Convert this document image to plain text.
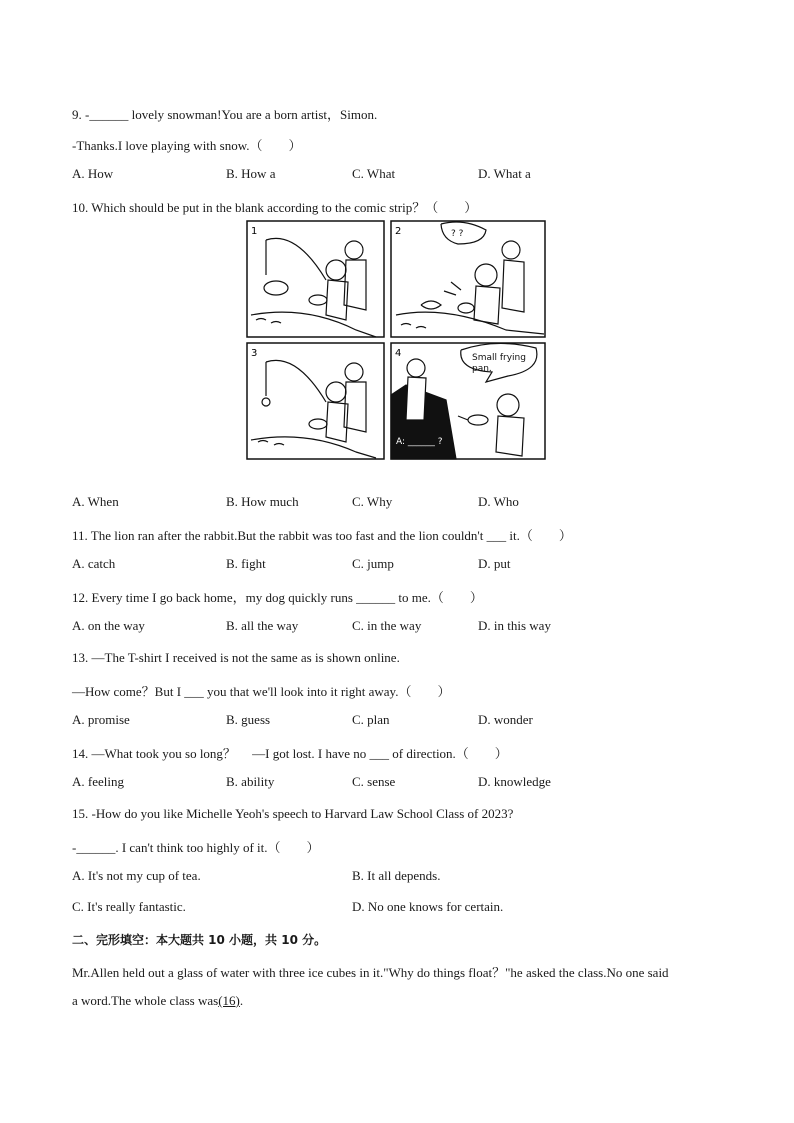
9. -______ lovely snowman!You are a born artist，Simon.
-Thanks.I love playing with snow.（　　）
A. How	B. How a	C. What	D. What a
10. Which should be put in the blank according to the comic strip？（　　）
1	2
3	4
? ?
Small frying
pan.
A: ______ ?
A. When	B. How much	C. Why	D. Who
11. The lion ran after the rabbit.But the rabbit was too fast and the lion couldn't ___ it.（　　）
A. catch	B. fight	C. jump	D. put
12. Every time I go back home，my dog quickly runs ______ to me.（　　）
A. on the way	B. all the way	C. in the way	D. in this way
13. —The T-shirt I received is not the same as is shown online.
—How come？But I ___ you that we'll look into it right away.（　　）
A. promise	B. guess	C. plan	D. wonder
14. —What took you so long？　 —I got lost. I have no ___ of direction.（　　）
A. feeling	B. ability	C. sense	D. knowledge
15. -How do you like Michelle Yeoh's speech to Harvard Law School Class of 2023?
-______. I can't think too highly of it.（　　）
A. It's not my cup of tea.	B. It all depends.
C. It's really fantastic.	D. No one knows for certain.
二、完形填空：本大题共 10 小题，共 10 分。
Mr.Allen held out a glass of water with three ice cubes in it."Why do things float？"he asked the class.No one said
a word.The whole class was(16).
